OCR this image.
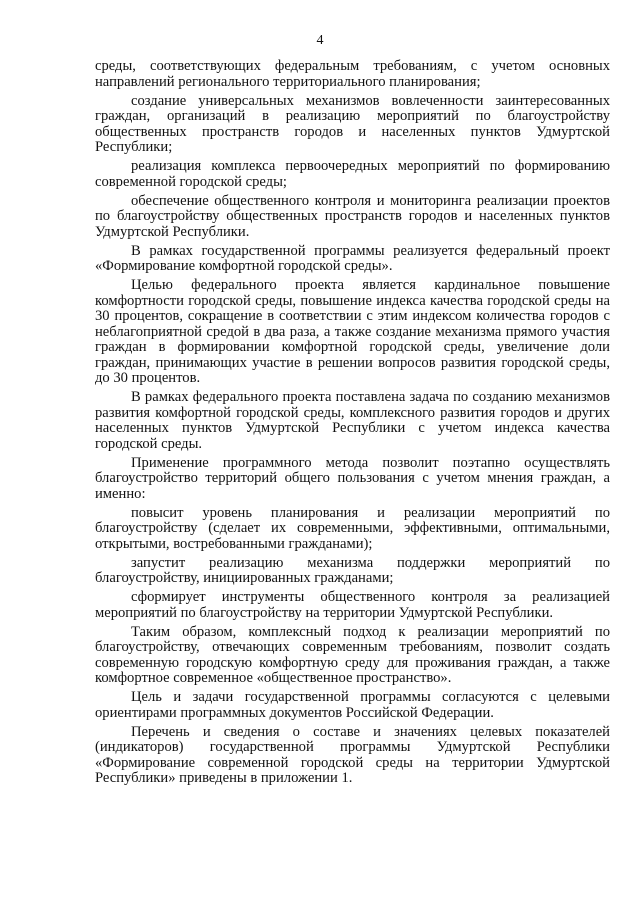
4

среды, соответствующих федеральным требованиям, с учетом основных направлений регионального территориального планирования;

создание универсальных механизмов вовлеченности заинтересованных граждан, организаций в реализацию мероприятий по благоустройству общественных пространств городов и населенных пунктов Удмуртской Республики;

реализация комплекса первоочередных мероприятий по формированию современной городской среды;

обеспечение общественного контроля и мониторинга реализации проектов по благоустройству общественных пространств городов и населенных пунктов Удмуртской Республики.

В рамках государственной программы реализуется федеральный проект «Формирование комфортной городской среды».

Целью федерального проекта является кардинальное повышение комфортности городской среды, повышение индекса качества городской среды на 30 процентов, сокращение в соответствии с этим индексом количества городов с неблагоприятной средой в два раза, а также создание механизма прямого участия граждан в формировании комфортной городской среды, увеличение доли граждан, принимающих участие в решении вопросов развития городской среды, до 30 процентов.

В рамках федерального проекта поставлена задача по созданию механизмов развития комфортной городской среды, комплексного развития городов и других населенных пунктов Удмуртской Республики с учетом индекса качества городской среды.

Применение программного метода позволит поэтапно осуществлять благоустройство территорий общего пользования с учетом мнения граждан, а именно:

повысит уровень планирования и реализации мероприятий по благоустройству (сделает их современными, эффективными, оптимальными, открытыми, востребованными гражданами);

запустит реализацию механизма поддержки мероприятий по благоустройству, инициированных гражданами;

сформирует инструменты общественного контроля за реализацией мероприятий по благоустройству на территории Удмуртской Республики.

Таким образом, комплексный подход к реализации мероприятий по благоустройству, отвечающих современным требованиям, позволит создать современную городскую комфортную среду для проживания граждан, а также комфортное современное «общественное пространство».

Цель и задачи государственной программы согласуются с целевыми ориентирами программных документов Российской Федерации.

Перечень и сведения о составе и значениях целевых показателей (индикаторов) государственной программы Удмуртской Республики «Формирование современной городской среды на территории Удмуртской Республики» приведены в приложении 1.
